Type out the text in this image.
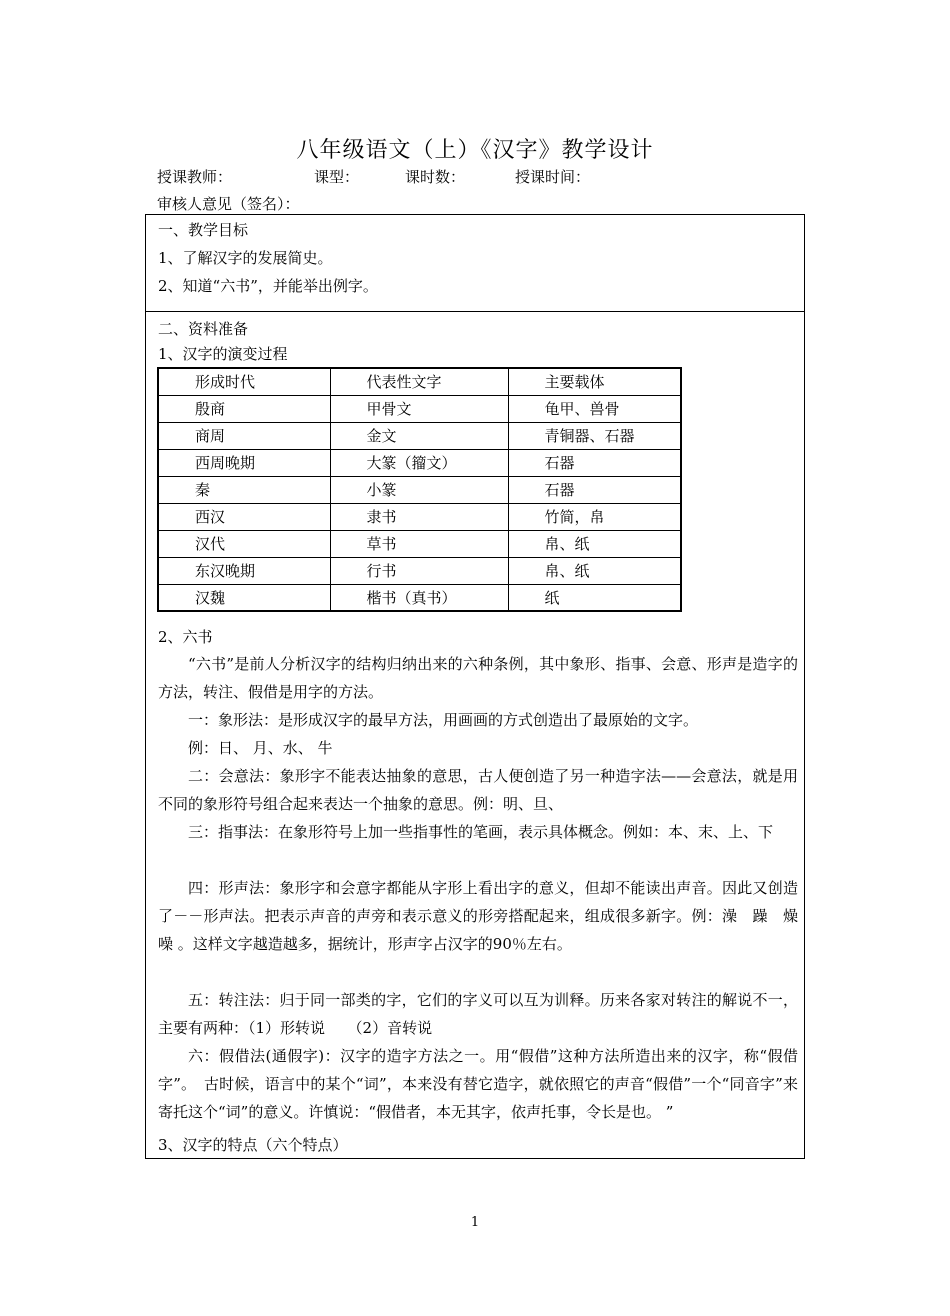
八年级语文（上）《汉字》教学设计
授课教师：	课型：	课时数：	授课时间：
审核人意见（签名）：
一、教学目标
1、了解汉字的发展简史。
2、知道“六书”，并能举出例字。
二、资料准备
1、汉字的演变过程
形成时代	代表性文字	主要载体
殷商	甲骨文	龟甲、兽骨
商周	金文	青铜器、石器
西周晚期	大篆（籀文）	石器
秦	小篆	石器
西汉	隶书	竹简，帛
汉代	草书	帛、纸
东汉晚期	行书	帛、纸
汉魏	楷书（真书）	纸
2、六书
“六书”是前人分析汉字的结构归纳出来的六种条例，其中象形、指事、会意、形声是造字的方法，转注、假借是用字的方法。
一：象形法：是形成汉字的最早方法，用画画的方式创造出了最原始的文字。
例：日、 月、水、 牛
二：会意法：象形字不能表达抽象的意思，古人便创造了另一种造字法——会意法，就是用不同的象形符号组合起来表达一个抽象的意思。例：明、旦、
三：指事法：在象形符号上加一些指事性的笔画，表示具体概念。例如：本、末、上、下
四：形声法：象形字和会意字都能从字形上看出字的意义，但却不能读出声音。因此又创造了－－形声法。把表示声音的声旁和表示意义的形旁搭配起来，组成很多新字。例：澡　躁　燥　噪 。这样文字越造越多，据统计，形声字占汉字的90％左右。
五：转注法：归于同一部类的字，它们的字义可以互为训释。历来各家对转注的解说不一，主要有两种：（1）形转说　　（2）音转说
六：假借法(通假字)：汉字的造字方法之一。用“假借”这种方法所造出来的汉字，称“假借字”。　古时候，语言中的某个“词”，本来没有替它造字，就依照它的声音“假借”一个“同音字”来寄托这个“词”的意义。许慎说：“假借者，本无其字，依声托事，令长是也。 ”
3、汉字的特点（六个特点）
1
